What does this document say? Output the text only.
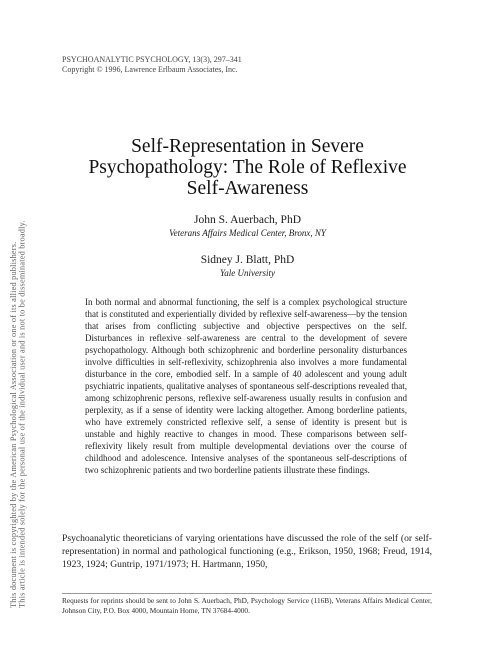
This document is copyrighted by the American Psychological Association or one of its allied publishers. This article is intended solely for the personal use of the individual user and is not to be disseminated broadly.
PSYCHOANALYTIC PSYCHOLOGY, 13(3), 297–341
Copyright © 1996, Lawrence Erlbaum Associates, Inc.
Self-Representation in Severe
Psychopathology: The Role of Reflexive
Self-Awareness
John S. Auerbach, PhD
Veterans Affairs Medical Center, Bronx, NY
Sidney J. Blatt, PhD
Yale University
In both normal and abnormal functioning, the self is a complex psychological structure that is constituted and experientially divided by reflexive self-awareness—by the tension that arises from conflicting subjective and objective perspectives on the self. Disturbances in reflexive self-awareness are central to the development of severe psychopathology. Although both schizophrenic and borderline personality disturbances involve difficulties in self-reflexivity, schizophrenia also involves a more fundamental disturbance in the core, embodied self. In a sample of 40 adolescent and young adult psychiatric inpatients, qualitative analyses of spontaneous self-descriptions revealed that, among schizophrenic persons, reflexive self-awareness usually results in confusion and perplexity, as if a sense of identity were lacking altogether. Among borderline patients, who have extremely constricted reflexive self, a sense of identity is present but is unstable and highly reactive to changes in mood. These comparisons between self-reflexivity likely result from multiple developmental deviations over the course of childhood and adolescence. Intensive analyses of the spontaneous self-descriptions of two schizophrenic patients and two borderline patients illustrate these findings.
Psychoanalytic theoreticians of varying orientations have discussed the role of the self (or self-representation) in normal and pathological functioning (e.g., Erikson, 1950, 1968; Freud, 1914, 1923, 1924; Guntrip, 1971/1973; H. Hartmann, 1950,
Requests for reprints should be sent to John S. Auerbach, PhD, Psychology Service (116B), Veterans Affairs Medical Center, Johnson City, P.O. Box 4000, Mountain Home, TN 37684-4000.
